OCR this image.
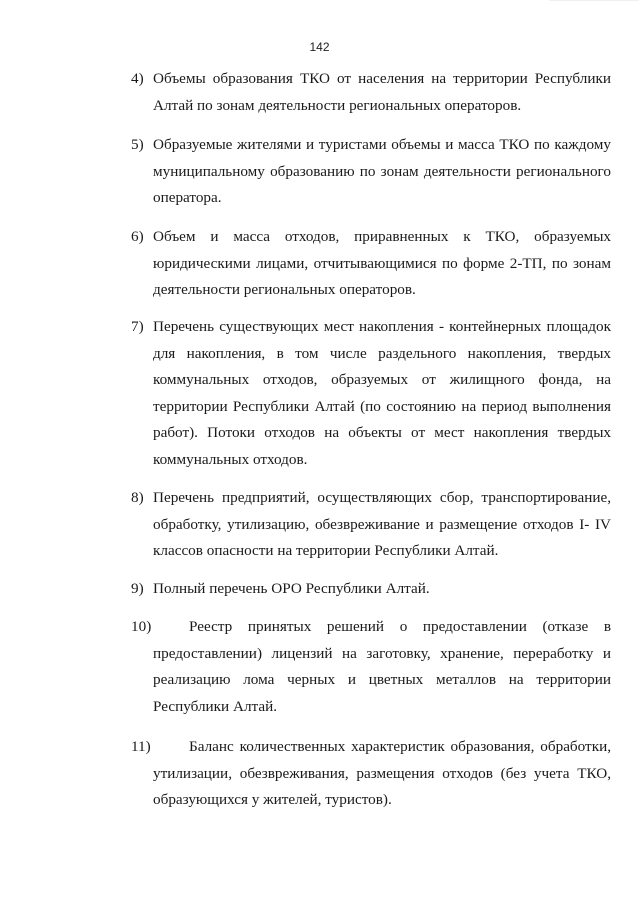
142
4) Объемы образования ТКО от населения на территории Республики Алтай по зонам деятельности региональных операторов.
5) Образуемые жителями и туристами объемы и масса ТКО по каждому муниципальному образованию по зонам деятельности регионального оператора.
6) Объем и масса отходов, приравненных к ТКО, образуемых юридическими лицами, отчитывающимися по форме 2-ТП, по зонам деятельности региональных операторов.
7) Перечень существующих мест накопления - контейнерных площадок для накопления, в том числе раздельного накопления, твердых коммунальных отходов, образуемых от жилищного фонда, на территории Республики Алтай (по состоянию на период выполнения работ). Потоки отходов на объекты от мест накопления твердых коммунальных отходов.
8) Перечень предприятий, осуществляющих сбор, транспортирование, обработку, утилизацию, обезвреживание и размещение отходов I- IV классов опасности на территории Республики Алтай.
9) Полный перечень ОРО Республики Алтай.
10)	Реестр принятых решений о предоставлении (отказе в предоставлении) лицензий на заготовку, хранение, переработку и реализацию лома черных и цветных металлов на территории Республики Алтай.
11)	Баланс количественных характеристик образования, обработки, утилизации, обезвреживания, размещения отходов (без учета ТКО, образующихся у жителей, туристов).
